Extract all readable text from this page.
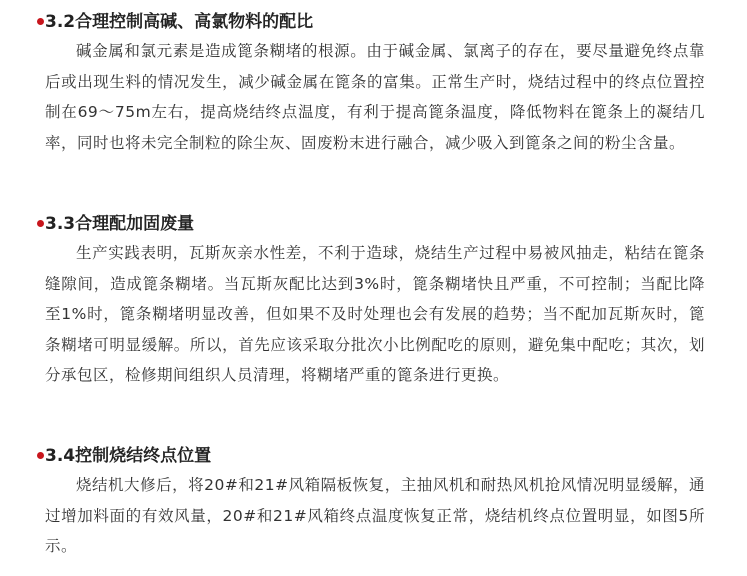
3.2合理控制高碱、高氯物料的配比

碱金属和氯元素是造成篦条糊堵的根源。由于碱金属、氯离子的存在，要尽量避免终点靠后或出现生料的情况发生，减少碱金属在篦条的富集。正常生产时，烧结过程中的终点位置控制在69～75m左右，提高烧结终点温度，有利于提高篦条温度，降低物料在篦条上的凝结几率，同时也将未完全制粒的除尘灰、固废粉末进行融合，减少吸入到篦条之间的粉尘含量。

3.3合理配加固废量

生产实践表明，瓦斯灰亲水性差，不利于造球，烧结生产过程中易被风抽走，粘结在篦条缝隙间，造成篦条糊堵。当瓦斯灰配比达到3%时，篦条糊堵快且严重，不可控制；当配比降至1%时，篦条糊堵明显改善，但如果不及时处理也会有发展的趋势；当不配加瓦斯灰时，篦条糊堵可明显缓解。所以，首先应该采取分批次小比例配吃的原则，避免集中配吃；其次，划分承包区，检修期间组织人员清理，将糊堵严重的篦条进行更换。

3.4控制烧结终点位置

烧结机大修后，将20#和21#风箱隔板恢复，主抽风机和耐热风机抢风情况明显缓解，通过增加料面的有效风量，20#和21#风箱终点温度恢复正常，烧结机终点位置明显，如图5所示。
